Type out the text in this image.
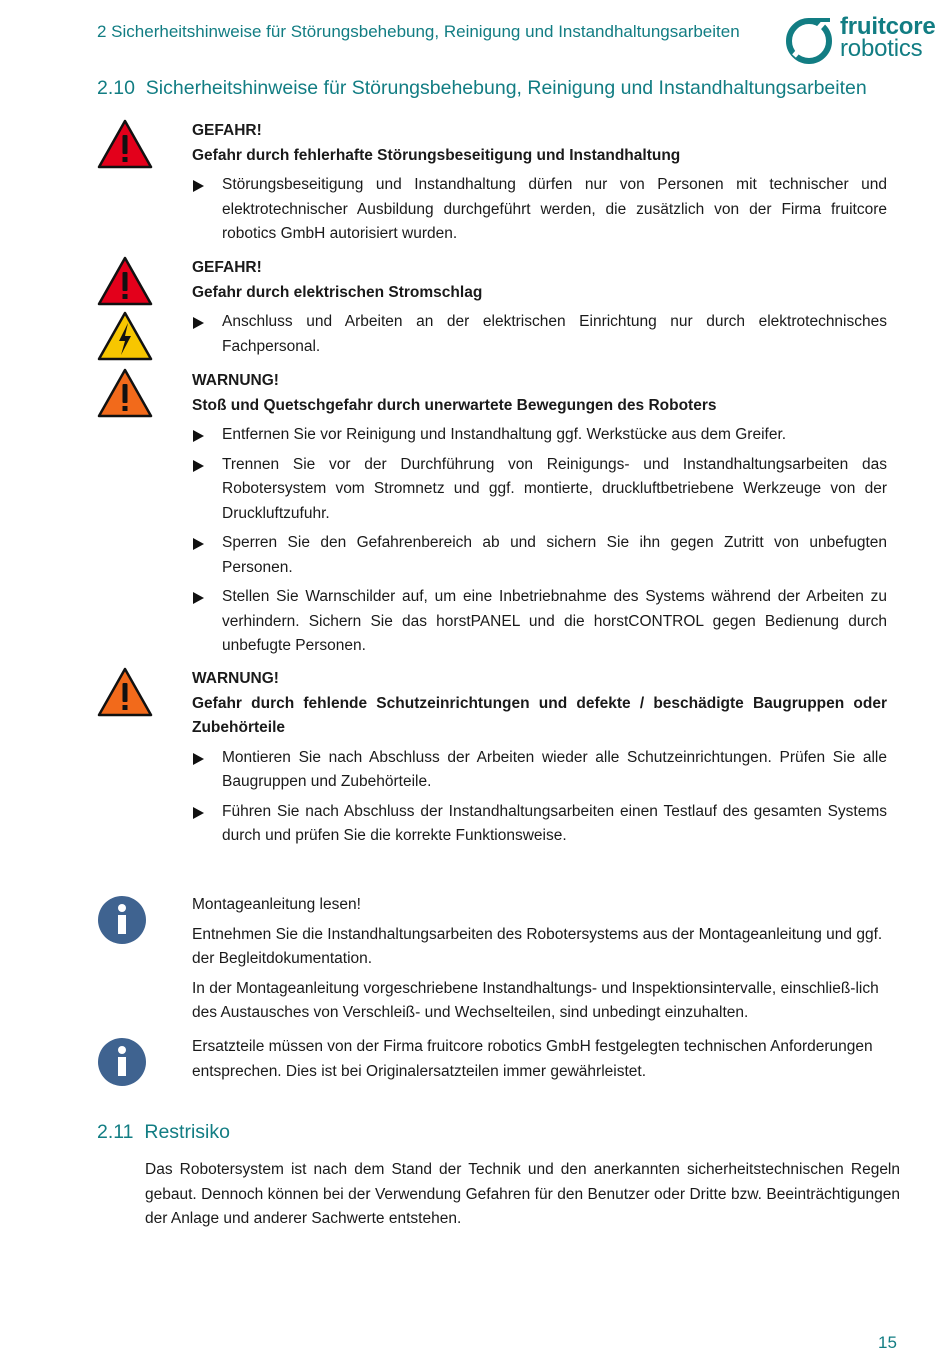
2 Sicherheitshinweise für Störungsbehebung, Reinigung und Instandhaltungsarbeiten	fruitcore
robotics
2.10 Sicherheitshinweise für Störungsbehebung, Reinigung und Instandhaltungsarbeiten

GEFAHR!

Gefahr durch fehlerhafte Störungsbeseitigung und Instandhaltung

Störungsbeseitigung und Instandhaltung dürfen nur von Personen mit technischer und elektrotechnischer Ausbildung durchgeführt werden, die zusätzlich von der Firma fruitcore robotics GmbH autorisiert wurden.

GEFAHR!

Gefahr durch elektrischen Stromschlag

Anschluss und Arbeiten an der elektrischen Einrichtung nur durch elektrotechnisches Fachpersonal.

WARNUNG!

Stoß und Quetschgefahr durch unerwartete Bewegungen des Roboters

Entfernen Sie vor Reinigung und Instandhaltung ggf. Werkstücke aus dem Greifer.
Trennen Sie vor der Durchführung von Reinigungs- und Instandhaltungsarbeiten das Robotersystem vom Stromnetz und ggf. montierte, druckluftbetriebene Werkzeuge von der Druckluftzufuhr.
Sperren Sie den Gefahrenbereich ab und sichern Sie ihn gegen Zutritt von unbefugten Personen.
Stellen Sie Warnschilder auf, um eine Inbetriebnahme des Systems während der Arbeiten zu verhindern. Sichern Sie das horstPANEL und die horstCONTROL gegen Bedienung durch unbefugte Personen.

WARNUNG!

Gefahr durch fehlende Schutzeinrichtungen und defekte / beschädigte Baugruppen oder Zubehörteile

Montieren Sie nach Abschluss der Arbeiten wieder alle Schutzeinrichtungen. Prüfen Sie alle Baugruppen und Zubehörteile.
Führen Sie nach Abschluss der Instandhaltungsarbeiten einen Testlauf des gesamten Systems durch und prüfen Sie die korrekte Funktionsweise.

Montageanleitung lesen!

Entnehmen Sie die Instandhaltungsarbeiten des Robotersystems aus der Montageanleitung und ggf. der Begleitdokumentation.

In der Montageanleitung vorgeschriebene Instandhaltungs- und Inspektionsintervalle, einschließ-lich des Austausches von Verschleiß- und Wechselteilen, sind unbedingt einzuhalten.

Ersatzteile müssen von der Firma fruitcore robotics GmbH festgelegten technischen Anforderungen entsprechen. Dies ist bei Originalersatzteilen immer gewährleistet.

2.11 Restrisiko
Das Robotersystem ist nach dem Stand der Technik und den anerkannten sicherheitstechnischen Regeln gebaut. Dennoch können bei der Verwendung Gefahren für den Benutzer oder Dritte bzw. Beeinträchtigungen der Anlage und anderer Sachwerte entstehen.
15
